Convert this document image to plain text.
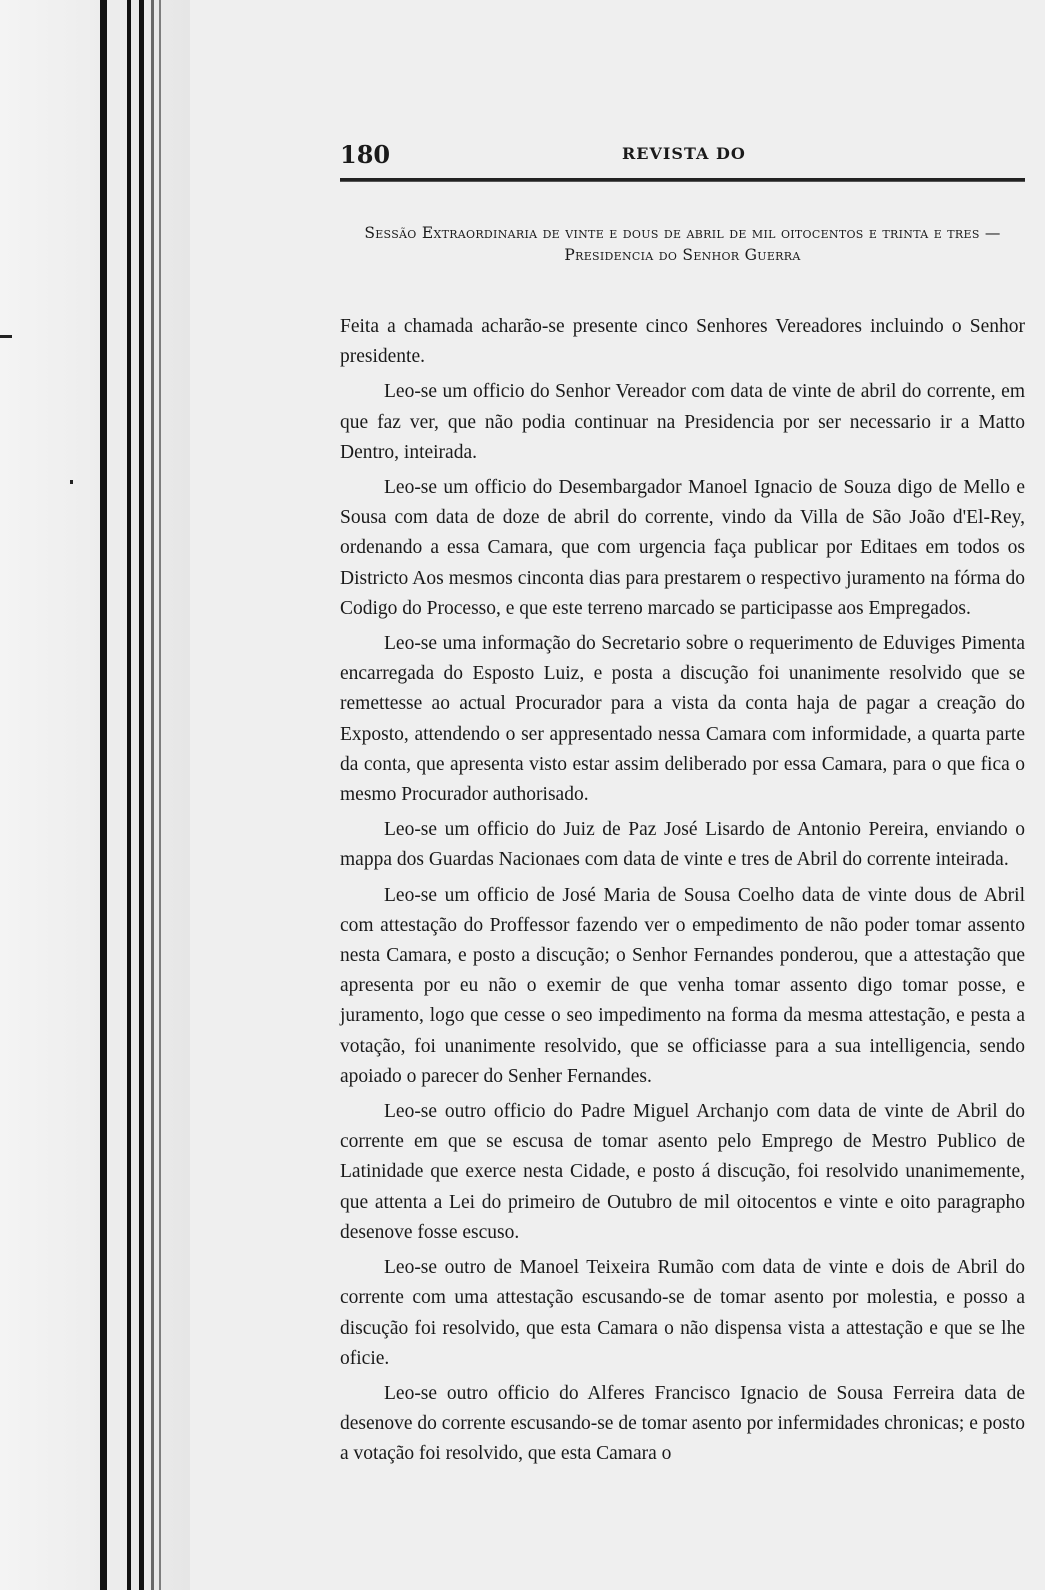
180	REVISTA DO
Sessão Extraordinaria de vinte e dous de abril de mil oitocentos e trinta e tres — Presidencia do Senhor Guerra

Feita a chamada acharão-se presente cinco Senhores Vereadores incluindo o Senhor presidente.

Leo-se um officio do Senhor Vereador com data de vinte de abril do corrente, em que faz ver, que não podia continuar na Presidencia por ser necessario ir a Matto Dentro, inteirada.

Leo-se um officio do Desembargador Manoel Ignacio de Souza digo de Mello e Sousa com data de doze de abril do corrente, vindo da Villa de São João d'El-Rey, ordenando a essa Camara, que com urgencia faça publicar por Editaes em todos os Districto Aos mesmos cinconta dias para prestarem o respectivo juramento na fórma do Codigo do Processo, e que este terreno marcado se participasse aos Empregados.

Leo-se uma informação do Secretario sobre o requerimento de Eduviges Pimenta encarregada do Esposto Luiz, e posta a discução foi unanimente resolvido que se remettesse ao actual Procurador para a vista da conta haja de pagar a creação do Exposto, attendendo o ser appresentado nessa Camara com informidade, a quarta parte da conta, que apresenta visto estar assim deliberado por essa Camara, para o que fica o mesmo Procurador authorisado.

Leo-se um officio do Juiz de Paz José Lisardo de Antonio Pereira, enviando o mappa dos Guardas Nacionaes com data de vinte e tres de Abril do corrente inteirada.

Leo-se um officio de José Maria de Sousa Coelho data de vinte dous de Abril com attestação do Proffessor fazendo ver o empedimento de não poder tomar assento nesta Camara, e posto a discução; o Senhor Fernandes ponderou, que a attestação que apresenta por eu não o exemir de que venha tomar assento digo tomar posse, e juramento, logo que cesse o seo impedimento na forma da mesma attestação, e pesta a votação, foi unanimente resolvido, que se officiasse para a sua intelligencia, sendo apoiado o parecer do Senher Fernandes.

Leo-se outro officio do Padre Miguel Archanjo com data de vinte de Abril do corrente em que se escusa de tomar asento pelo Emprego de Mestro Publico de Latinidade que exerce nesta Cidade, e posto á discução, foi resolvido unanimemente, que attenta a Lei do primeiro de Outubro de mil oitocentos e vinte e oito paragrapho desenove fosse escuso.

Leo-se outro de Manoel Teixeira Rumão com data de vinte e dois de Abril do corrente com uma attestação escusando-se de tomar asento por molestia, e posso a discução foi resolvido, que esta Camara o não dispensa vista a attestação e que se lhe oficie.

Leo-se outro officio do Alferes Francisco Ignacio de Sousa Ferreira data de desenove do corrente escusando-se de tomar asento por infermidades chronicas; e posto a votação foi resolvido, que esta Camara o
